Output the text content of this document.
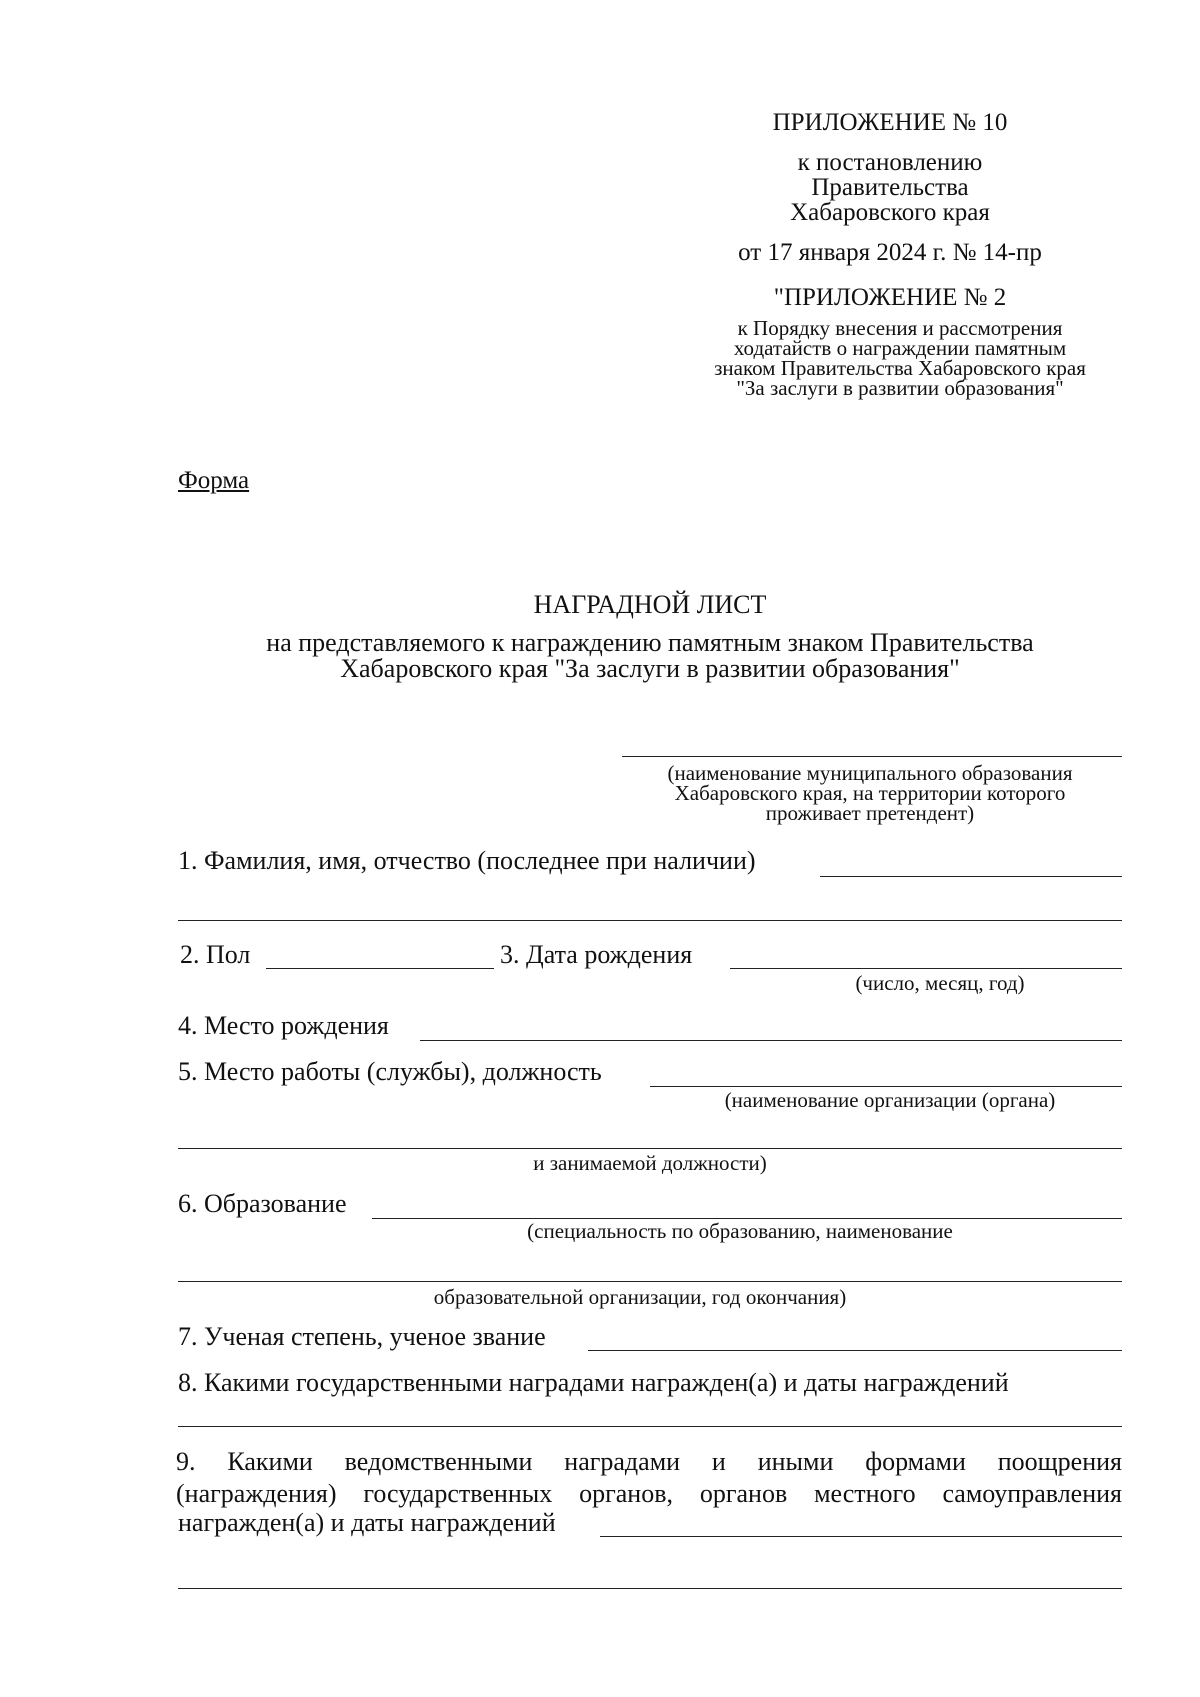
ПРИЛОЖЕНИЕ № 10
к постановлению
Правительства
Хабаровского края
от 17 января 2024 г. № 14-пр
"ПРИЛОЖЕНИЕ № 2
к Порядку внесения и рассмотрения
ходатайств о награждении памятным
знаком Правительства Хабаровского края
"За заслуги в развитии образования"
Форма
НАГРАДНОЙ ЛИСТ
на представляемого к награждению памятным знаком Правительства
Хабаровского края "За заслуги в развитии образования"
(наименование муниципального образования
Хабаровского края, на территории которого
проживает претендент)
1. Фамилия, имя, отчество (последнее при наличии)
2. Пол	3. Дата рождения
(число, месяц, год)
4. Место рождения
5. Место работы (службы), должность
(наименование организации (органа)
и занимаемой должности)
6. Образование
(специальность по образованию, наименование
образовательной организации, год окончания)
7. Ученая степень, ученое звание
8. Какими государственными наградами награжден(а) и даты награждений
9. Какими ведомственными наградами и иными формами поощрения
(награждения) государственных органов, органов местного самоуправления
награжден(а) и даты награждений
